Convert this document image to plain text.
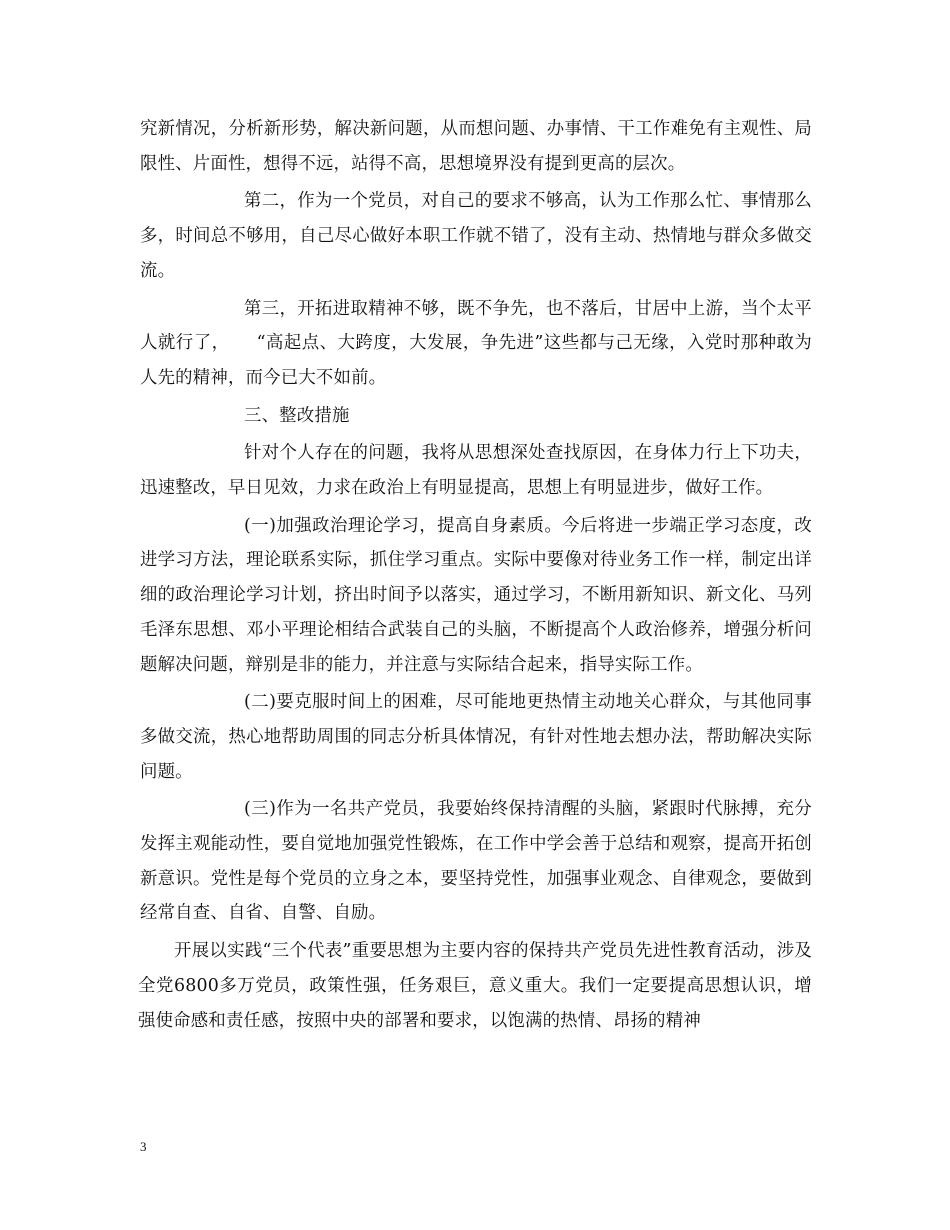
究新情况，分析新形势，解决新问题，从而想问题、办事情、干工作难免有主观性、局限性、片面性，想得不远，站得不高，思想境界没有提到更高的层次。

第二，作为一个党员，对自己的要求不够高，认为工作那么忙、事情那么多，时间总不够用，自己尽心做好本职工作就不错了，没有主动、热情地与群众多做交流。

第三，开拓进取精神不够，既不争先，也不落后，甘居中上游，当个太平人就行了，　　“高起点、大跨度，大发展，争先进”这些都与己无缘，入党时那种敢为人先的精神，而今已大不如前。

三、整改措施

针对个人存在的问题，我将从思想深处查找原因，在身体力行上下功夫，迅速整改，早日见效，力求在政治上有明显提高，思想上有明显进步，做好工作。

(一)加强政治理论学习，提高自身素质。今后将进一步端正学习态度，改进学习方法，理论联系实际，抓住学习重点。实际中要像对待业务工作一样，制定出详细的政治理论学习计划，挤出时间予以落实，通过学习，不断用新知识、新文化、马列毛泽东思想、邓小平理论相结合武装自己的头脑，不断提高个人政治修养，增强分析问题解决问题，辩别是非的能力，并注意与实际结合起来，指导实际工作。

(二)要克服时间上的困难，尽可能地更热情主动地关心群众，与其他同事多做交流，热心地帮助周围的同志分析具体情况，有针对性地去想办法，帮助解决实际问题。

(三)作为一名共产党员，我要始终保持清醒的头脑，紧跟时代脉搏，充分发挥主观能动性，要自觉地加强党性锻炼，在工作中学会善于总结和观察，提高开拓创新意识。党性是每个党员的立身之本，要坚持党性，加强事业观念、自律观念，要做到经常自查、自省、自警、自励。

开展以实践“三个代表”重要思想为主要内容的保持共产党员先进性教育活动，涉及全党6800多万党员，政策性强，任务艰巨，意义重大。我们一定要提高思想认识，增强使命感和责任感，按照中央的部署和要求，以饱满的热情、昂扬的精神

3
